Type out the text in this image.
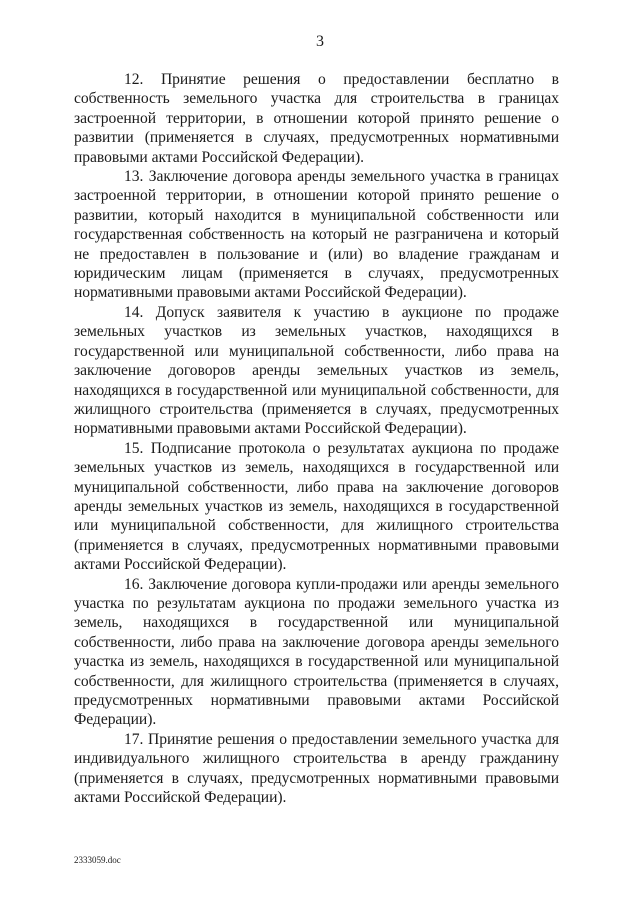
3

12. Принятие решения о предоставлении бесплатно в собственность земельного участка для строительства в границах застроенной территории, в отношении которой принято решение о развитии (применяется в случаях, предусмотренных нормативными правовыми актами Российской Федерации).

13. Заключение договора аренды земельного участка в границах застроенной территории, в отношении которой принято решение о развитии, который находится в муниципальной собственности или государственная собственность на который не разграничена и который не предоставлен в пользование и (или) во владение гражданам и юридическим лицам (применяется в случаях, предусмотренных нормативными правовыми актами Российской Федерации).

14. Допуск заявителя к участию в аукционе по продаже земельных участков из земельных участков, находящихся в государственной или муниципальной собственности, либо права на заключение договоров аренды земельных участков из земель, находящихся в государственной или муниципальной собственности, для жилищного строительства (применяется в случаях, предусмотренных нормативными правовыми актами Российской Федерации).

15. Подписание протокола о результатах аукциона по продаже земельных участков из земель, находящихся в государственной или муниципальной собственности, либо права на заключение договоров аренды земельных участков из земель, находящихся в государственной или муниципальной собственности, для жилищного строительства (применяется в случаях, предусмотренных нормативными правовыми актами Российской Федерации).

16. Заключение договора купли-продажи или аренды земельного участка по результатам аукциона по продажи земельного участка из земель, находящихся в государственной или муниципальной собственности, либо права на заключение договора аренды земельного участка из земель, находящихся в государственной или муниципальной собственности, для жилищного строительства (применяется в случаях, предусмотренных нормативными правовыми актами Российской Федерации).

17. Принятие решения о предоставлении земельного участка для индивидуального жилищного строительства в аренду гражданину (применяется в случаях, предусмотренных нормативными правовыми актами Российской Федерации).

2333059.doc
